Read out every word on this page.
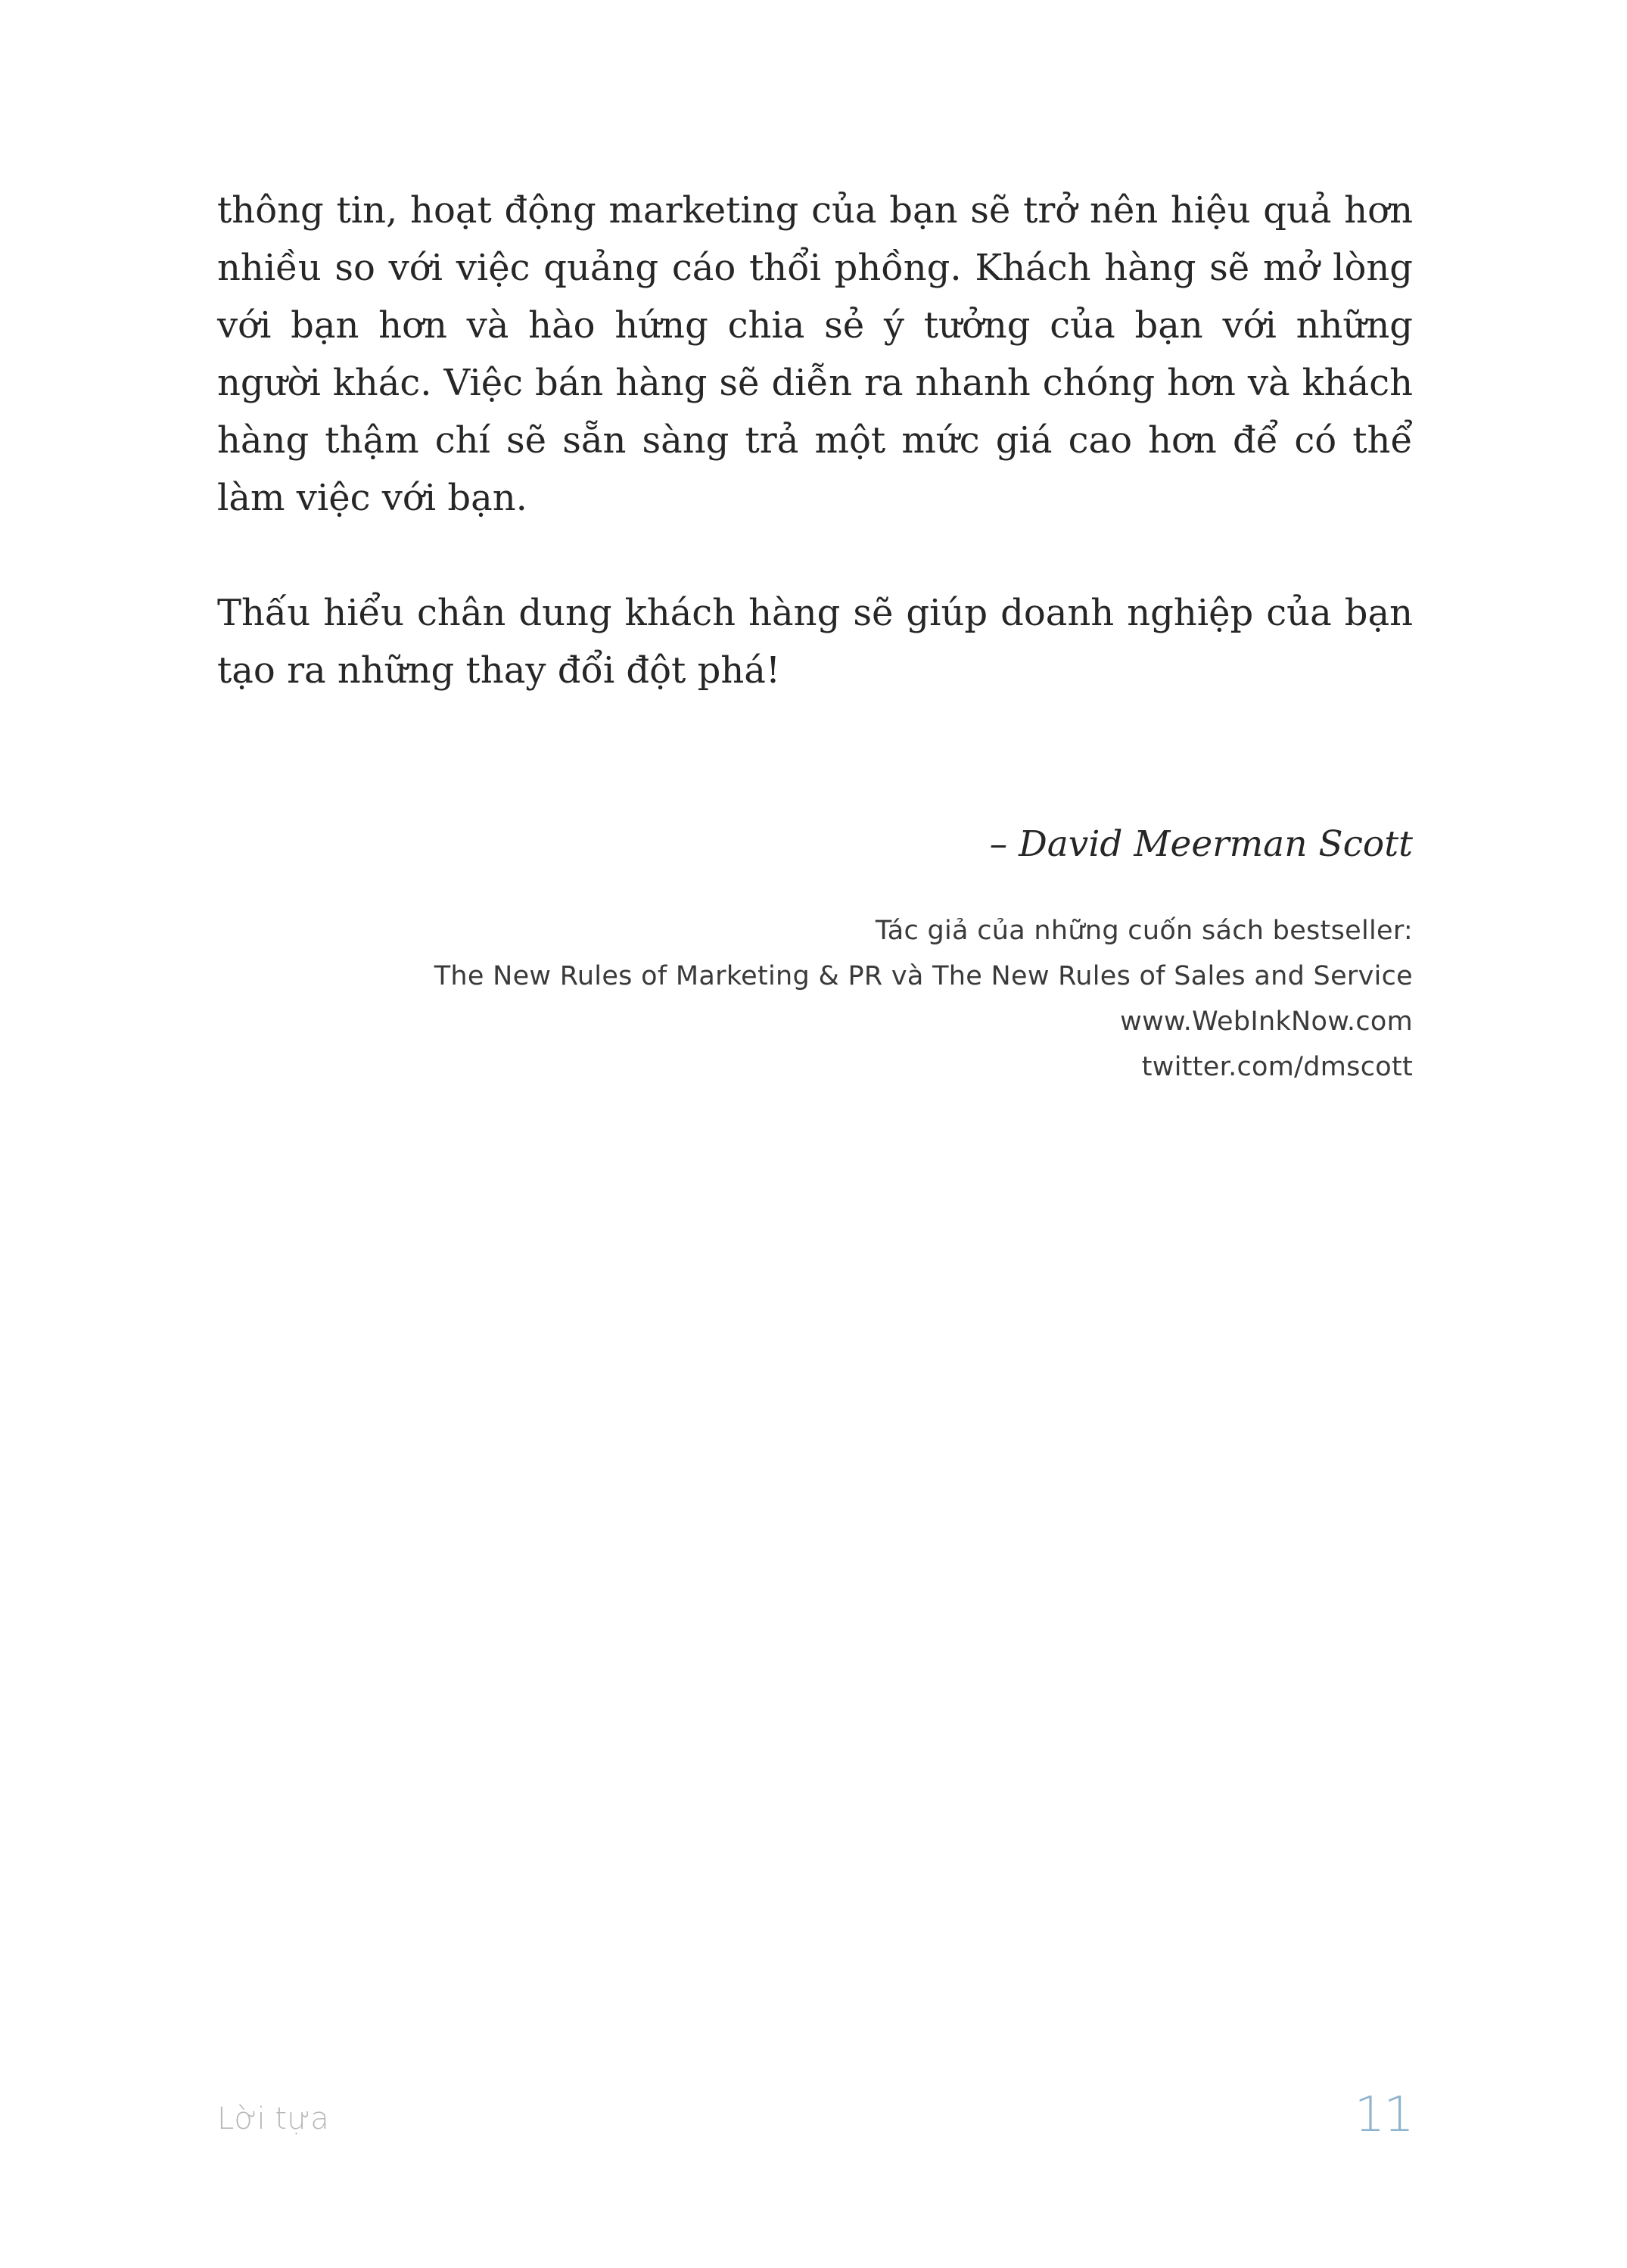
thông tin, hoạt động marketing của bạn sẽ trở nên hiệu quả hơn nhiều so với việc quảng cáo thổi phồng. Khách hàng sẽ mở lòng với bạn hơn và hào hứng chia sẻ ý tưởng của bạn với những người khác. Việc bán hàng sẽ diễn ra nhanh chóng hơn và khách hàng thậm chí sẽ sẵn sàng trả một mức giá cao hơn để có thể làm việc với bạn.

Thấu hiểu chân dung khách hàng sẽ giúp doanh nghiệp của bạn tạo ra những thay đổi đột phá!

– David Meerman Scott
Tác giả của những cuốn sách bestseller:
The New Rules of Marketing & PR và The New Rules of Sales and Service
www.WebInkNow.com
twitter.com/dmscott
Lời tựa	11
